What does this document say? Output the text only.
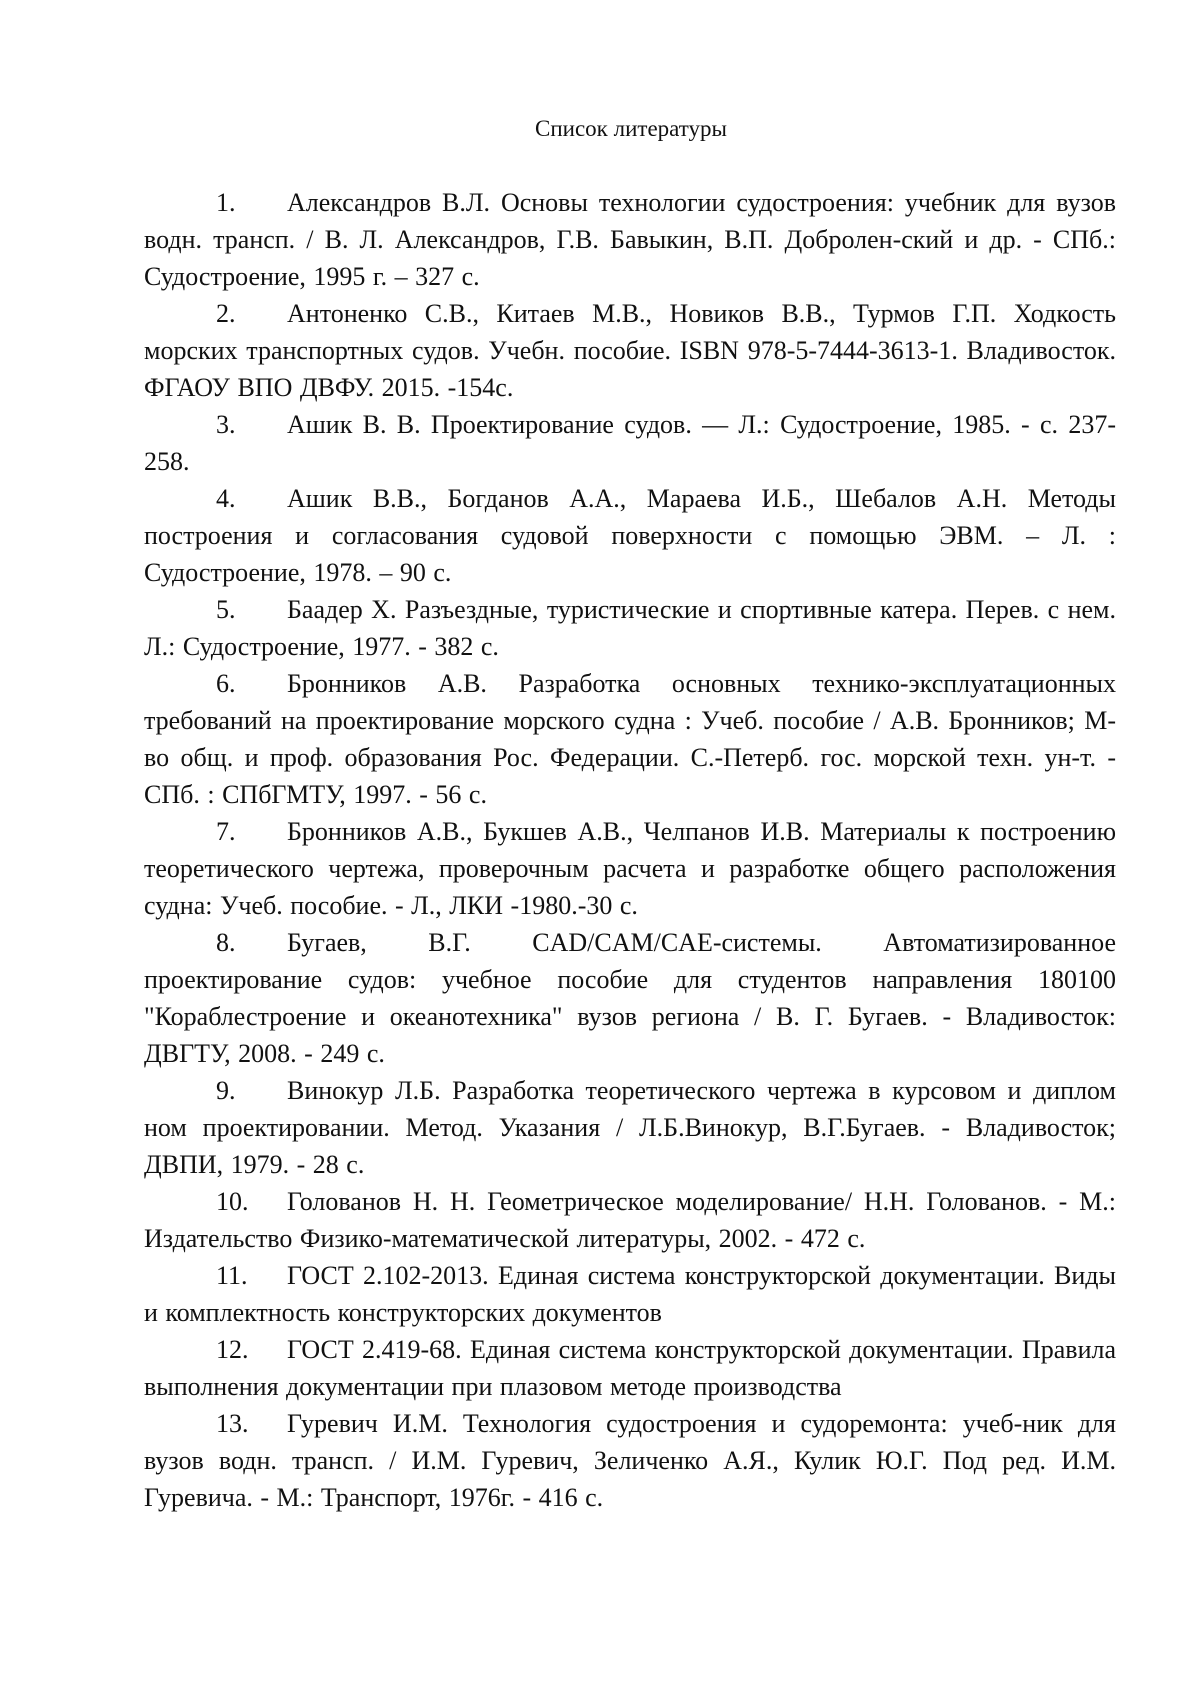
Список литературы
1. Александров В.Л. Основы технологии судостроения: учебник для вузов водн. трансп. / В. Л. Александров, Г.В. Бавыкин, В.П. Добролен-ский и др. - СПб.: Судостроение, 1995 г. – 327 с.
2. Антоненко С.В., Китаев М.В., Новиков В.В., Турмов Г.П. Ходкость морских транспортных судов. Учебн. пособие. ISBN 978-5-7444-3613-1. Владивосток. ФГАОУ ВПО ДВФУ. 2015. -154с.
3. Ашик В. В. Проектирование судов. — Л.: Судостроение, 1985. - с. 237-258.
4. Ашик В.В., Богданов А.А., Мараева И.Б., Шебалов А.Н. Методы построения и согласования судовой поверхности с помощью ЭВМ. – Л. : Судостроение, 1978. – 90 с.
5. Баадер X. Разъездные, туристические и спортивные катера. Перев. с нем. Л.: Судостроение, 1977. - 382 с.
6. Бронников А.В. Разработка основных технико-эксплуатационных требований на проектирование морского судна : Учеб. пособие / А.В. Бронников; М-во общ. и проф. образования Рос. Федерации. С.-Петерб. гос. морской техн. ун-т. - СПб. : СПбГМТУ, 1997. - 56 с.
7. Бронников А.В., Букшев А.В., Челпанов И.В. Материалы к построению теоретического чертежа, проверочным расчета и разработке общего расположения судна: Учеб. пособие. - Л., ЛКИ -1980.-30 с.
8. Бугаев, В.Г. CAD/CAM/CAE-системы. Автоматизированное проектирование судов: учебное пособие для студентов направления 180100 "Кораблестроение и океанотехника" вузов региона / В. Г. Бугаев. - Владивосток: ДВГТУ, 2008. - 249 с.
9. Винокур Л.Б. Разработка теоретического чертежа в курсовом и диплом ном проектировании. Метод. Указания / Л.Б.Винокур, В.Г.Бугаев. - Владивосток; ДВПИ, 1979. - 28 с.
10. Голованов Н. Н. Геометрическое моделирование/ Н.Н. Голованов. - М.: Издательство Физико-математической литературы, 2002. - 472 с.
11. ГОСТ 2.102-2013. Единая система конструкторской документации. Виды и комплектность конструкторских документов
12. ГОСТ 2.419-68. Единая система конструкторской документации. Правила выполнения документации при плазовом методе производства
13. Гуревич И.М. Технология судостроения и судоремонта: учеб-ник для вузов водн. трансп. / И.М. Гуревич, Зеличенко А.Я., Кулик Ю.Г. Под ред. И.М. Гуревича. - М.: Транспорт, 1976г. - 416 с.
